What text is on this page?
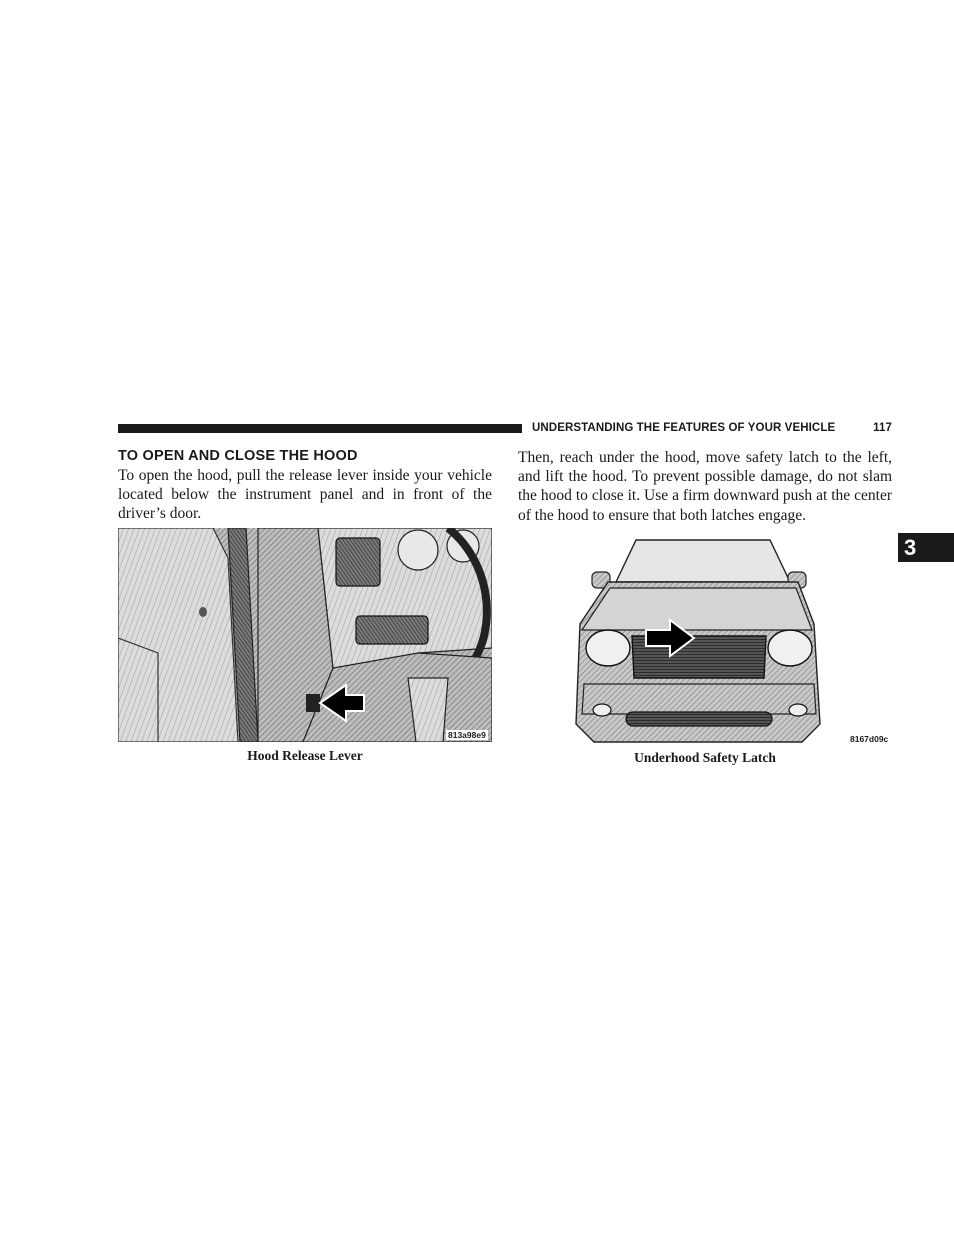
UNDERSTANDING THE FEATURES OF YOUR VEHICLE	117
3
TO OPEN AND CLOSE THE HOOD
To open the hood, pull the release lever inside your vehicle located below the instrument panel and in front of the driver’s door.
Then, reach under the hood, move safety latch to the left, and lift the hood. To prevent possible damage, do not slam the hood to close it. Use a firm downward push at the center of the hood to ensure that both latches engage.
813a98e9
Hood Release Lever
8167d09c
Underhood Safety Latch
